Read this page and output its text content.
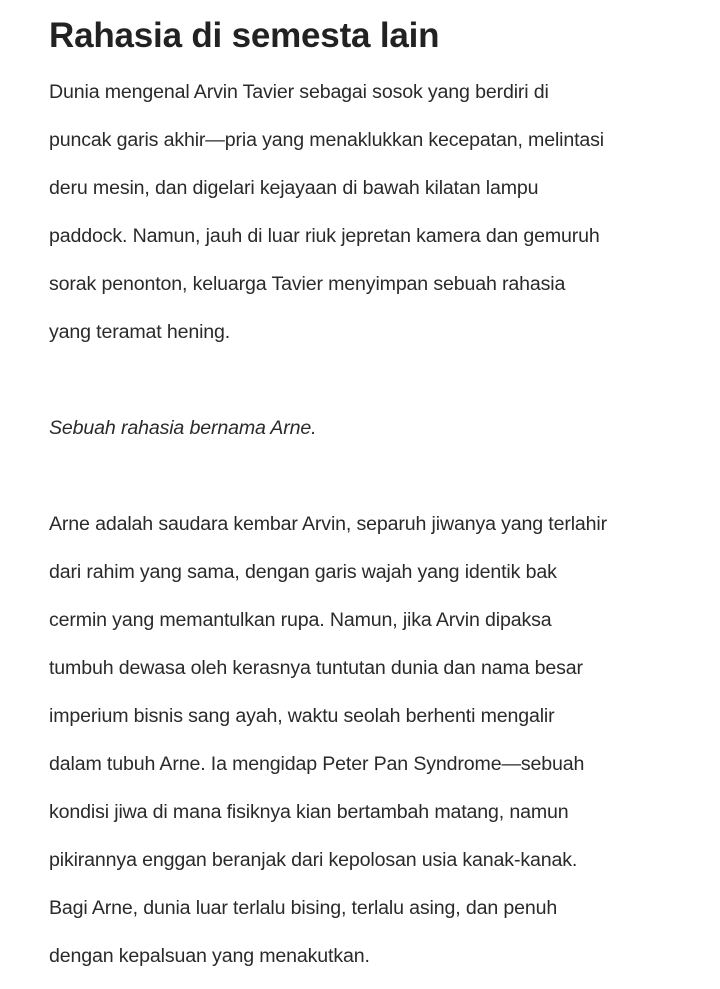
Rahasia di semesta lain

Dunia mengenal Arvin Tavier sebagai sosok yang berdiri di
puncak garis akhir—pria yang menaklukkan kecepatan, melintasi
deru mesin, dan digelari kejayaan di bawah kilatan lampu
paddock. Namun, jauh di luar riuk jepretan kamera dan gemuruh
sorak penonton, keluarga Tavier menyimpan sebuah rahasia
yang teramat hening.

Sebuah rahasia bernama Arne.

Arne adalah saudara kembar Arvin, separuh jiwanya yang terlahir
dari rahim yang sama, dengan garis wajah yang identik bak
cermin yang memantulkan rupa. Namun, jika Arvin dipaksa
tumbuh dewasa oleh kerasnya tuntutan dunia dan nama besar
imperium bisnis sang ayah, waktu seolah berhenti mengalir
dalam tubuh Arne. Ia mengidap Peter Pan Syndrome—sebuah
kondisi jiwa di mana fisiknya kian bertambah matang, namun
pikirannya enggan beranjak dari kepolosan usia kanak-kanak.
Bagi Arne, dunia luar terlalu bising, terlalu asing, dan penuh
dengan kepalsuan yang menakutkan.
